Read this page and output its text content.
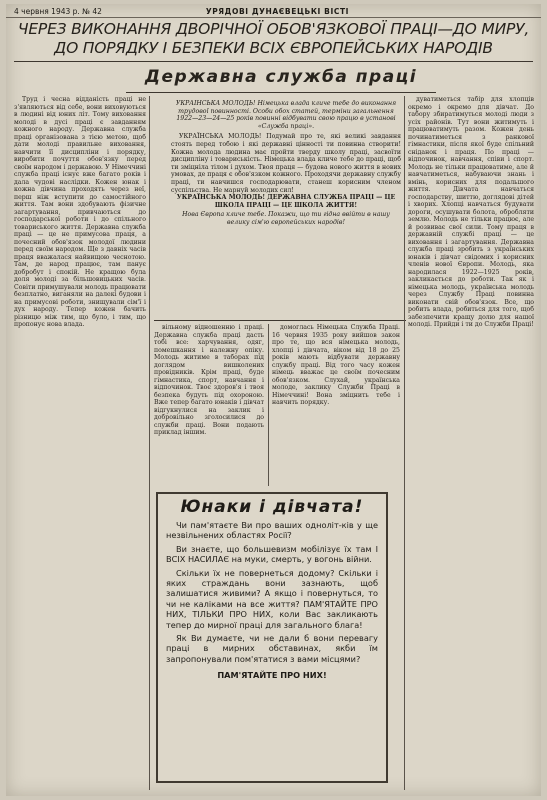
4 червня 1943 р. № 42	УРЯДОВІ ДУНАЄВЕЦЬКІ ВІСТІ
ЧЕРЕЗ ВИКОНАННЯ ДВОРІЧНОЇ ОБОВ'ЯЗКОВОЇ ПРАЦІ—ДО МИРУ, ДО ПОРЯДКУ І БЕЗПЕКИ ВСІХ ЄВРОПЕЙСЬКИХ НАРОДІВ
Державна служба праці

Труд і чесна відданість праці не з'являються від себе, вони виховуються в людині від юних літ. Тому виховання молоді в дусі праці є завданням кожного народу. Державна служба праці організована з тією метою, щоб дати молоді правильне виховання, навчити її дисципліни і порядку, виробити почуття обов'язку перед своїм народом і державою. У Німеччині служба праці існує вже багато років і дала чудові наслідки. Кожен юнак і кожна дівчина проходять через неї, перш ніж вступити до самостійного життя. Там вони здобувають фізичне загартування, привчаються до господарської роботи і до спільного товариського життя. Державна служба праці — це не примусова праця, а почесний обов'язок молодої людини перед своїм народом. Ще з давніх часів праця вважалася найвищою чеснотою. Там, де народ працює, там панує добробут і спокій. Не кращою була доля молоді за більшовицьких часів. Совіти примушували молодь працювати безплатно, виганяли на далекі будови і на примусові роботи, знищували сім'ї і дух народу. Тепер кожен бачить різницю між тим, що було, і тим, що пропонує нова влада.

УКРАЇНСЬКА МОЛОДЬ! Німецька влада кличе тебе до виконання трудової повинності. Особи обох статей, терміни загальнення 1922—23—24—25 років повинні відбувати свою працю в установі «Служба праці».
УКРАЇНСЬКА МОЛОДЬ! Подумай про те, які великі завдання стоять перед тобою і які державні цінності ти повинна створити! Кожна молода людина має пройти тверду школу праці, засвоїти дисципліну і товариськість. Німецька влада кличе тебе до праці, щоб ти зміцніла тілом і духом. Твоя праця — будова нового життя в нових умовах, де праця є обов'язком кожного. Проходячи державну службу праці, ти навчишся господарювати, станеш корисним членом суспільства. Не марнуй молодих сил!
УКРАЇНСЬКА МОЛОДЬ! ДЕРЖАВНА СЛУЖБА ПРАЦІ — ЦЕ ШКОЛА ПРАЦІ — ЦЕ ШКОЛА ЖИТТЯ!
Нова Європа кличе тебе. Покажи, що ти гідна ввійти в нашу велику сім'ю європейських народів!

вільному відношенню і праці. Державна служба праці дасть тобі все: харчування, одяг, помешкання і належну опіку. Молодь житиме в таборах під доглядом вишколених провідників. Крім праці, буде гімнастика, спорт, навчання і відпочинок. Твоє здоров'я і твоя безпека будуть під охороною. Вже тепер багато юнаків і дівчат відгукнулися на заклик і добровільно зголосилися до служби праці. Вони подають приклад іншим.

домоглась Німецька Служба Праці. 16 червня 1935 року вийшов закон про те, що вся німецька молодь, хлопці і дівчата, віком від 18 до 25 років мають відбувати державну службу праці. Від того часу кожен німець вважає це своїм почесним обов'язком. Слухай, українська молоде, заклику Служби Праці в Німеччині! Вона зміцнить тебе і навчить порядку.

дуватиметься табір для хлопців окремо і окремо для дівчат. До табору збиратимуться молоді люди з усіх районів. Тут вони житимуть і працюватимуть разом. Кожен день починатиметься з ранкової гімнастики, після якої буде спільний сніданок і праця. По праці — відпочинок, навчання, співи і спорт. Молодь не тільки працюватиме, але й навчатиметься, набуваючи знань і вмінь, корисних для подальшого життя. Дівчата навчаться господарству, шиттю, доглядові дітей і хворих. Хлопці навчаться будувати дороги, осушувати болота, обробляти землю. Молодь не тільки працює, але й розвиває свої сили. Тому праця в державній службі праці — це виховання і загартування. Державна служба праці зробить з українських юнаків і дівчат свідомих і корисних членів нової Європи. Молодь, яка народилася 1922—1925 років, закликається до роботи. Так як і німецька молодь, українська молодь через Службу Праці повинна виконати свій обов'язок. Все, що робить влада, робиться для того, щоб забезпечити кращу долю для нашої молоді. Прийди і ти до Служби Праці!

Юнаки і дівчата!

Чи пам'ятаєте Ви про ваших одноліт-ків у ще незвільнених областях Росії?

Ви знаєте, що большевизм мобілізує їх там І ВСІХ НАСИЛАЄ на муки, смерть, у вогонь війни.

Скільки їх не повернеться додому? Скільки і яких страждань вони зазнають, щоб залишатися живими? А якщо і повернуться, то чи не каліками на все життя? ПАМ'ЯТАЙТЕ ПРО НИХ, ТІЛЬКИ ПРО НИХ, коли Вас закликають тепер до мирної праці для загального блага!

Як Ви думаєте, чи не дали б вони перевагу праці в мирних обставинах, якби їм запропонували пом'ятатися з вами місцями?

ПАМ'ЯТАЙТЕ ПРО НИХ!
